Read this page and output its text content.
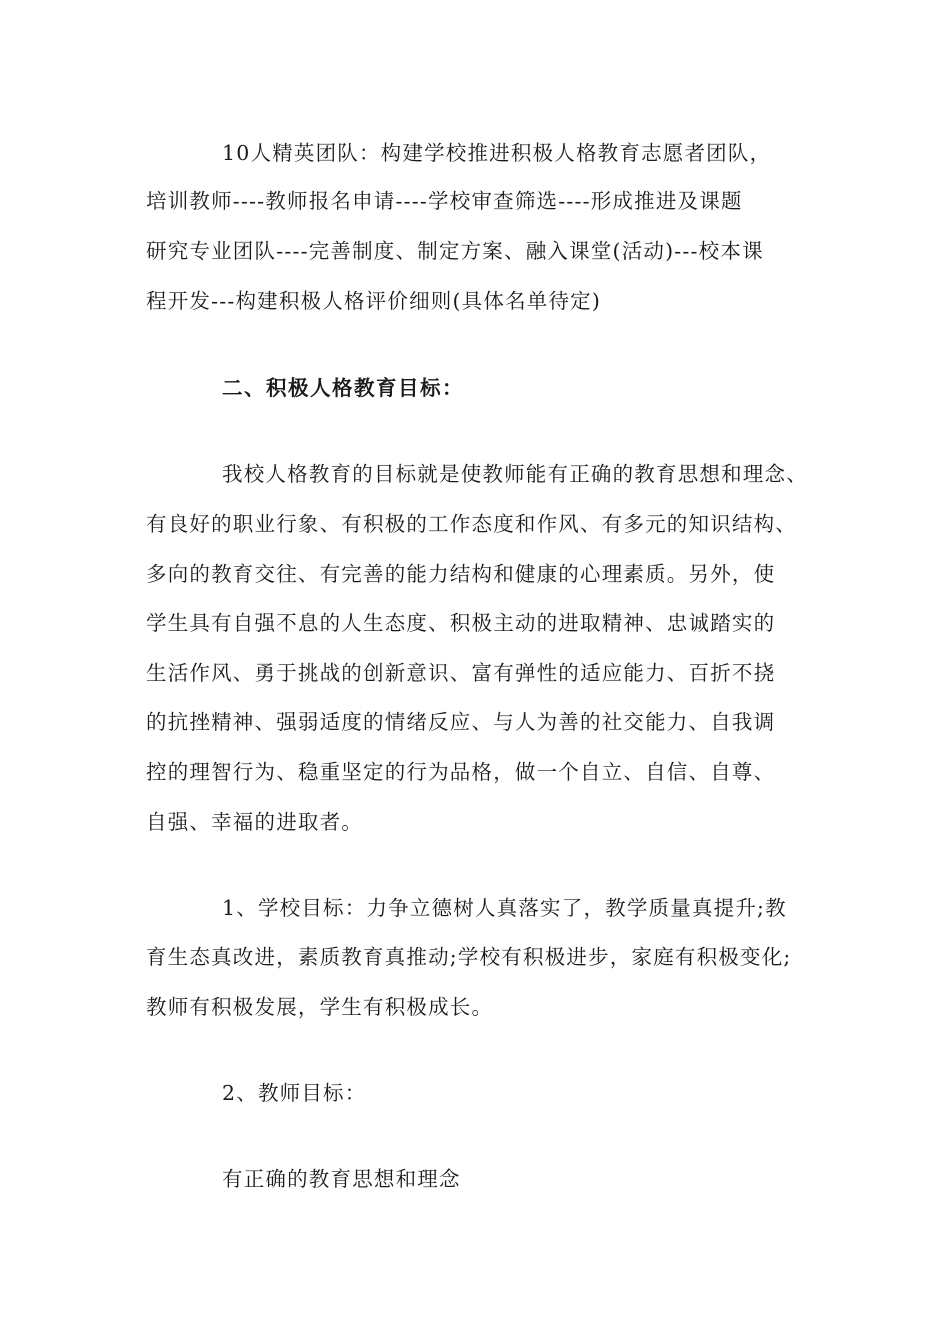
10人精英团队：构建学校推进积极人格教育志愿者团队，
培训教师----教师报名申请----学校审查筛选----形成推进及课题
研究专业团队----完善制度、制定方案、融入课堂(活动)---校本课
程开发---构建积极人格评价细则(具体名单待定)
二、积极人格教育目标：
我校人格教育的目标就是使教师能有正确的教育思想和理念、
有良好的职业行象、有积极的工作态度和作风、有多元的知识结构、
多向的教育交往、有完善的能力结构和健康的心理素质。另外，使
学生具有自强不息的人生态度、积极主动的进取精神、忠诚踏实的
生活作风、勇于挑战的创新意识、富有弹性的适应能力、百折不挠
的抗挫精神、强弱适度的情绪反应、与人为善的社交能力、自我调
控的理智行为、稳重坚定的行为品格，做一个自立、自信、自尊、
自强、幸福的进取者。
1、学校目标：力争立德树人真落实了，教学质量真提升;教
育生态真改进，素质教育真推动;学校有积极进步，家庭有积极变化;
教师有积极发展，学生有积极成长。
2、教师目标：
有正确的教育思想和理念
